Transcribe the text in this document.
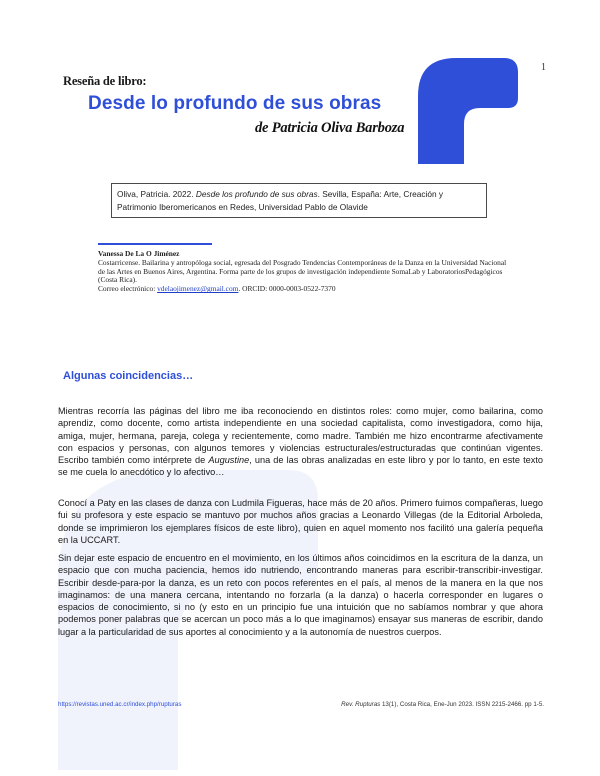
1
Reseña de libro:
Desde lo profundo de sus obras
de Patricia Oliva Barboza
Oliva, Patricia. 2022. Desde los profundo de sus obras. Sevilla, España: Arte, Creación y Patrimonio Iberomericanos en Redes, Universidad Pablo de Olavide
Vanessa De La O Jiménez
Costarricense. Bailarina y antropóloga social, egresada del Posgrado Tendencias Contemporáneas de la Danza en la Universidad Nacional de las Artes en Buenos Aires, Argentina. Forma parte de los grupos de investigación independiente SomaLab y LaboratoriosPedagógicos (Costa Rica).
Correo electrónico: vdelaojimenez@gmail.com. ORCID: 0000-0003-0522-7370
Algunas coincidencias…
Mientras recorría las páginas del libro me iba reconociendo en distintos roles: como mujer, como bailarina, como aprendiz, como docente, como artista independiente en una sociedad capitalista, como investigadora, como hija, amiga, mujer, hermana, pareja, colega y recientemente, como madre. También me hizo encontrarme afectivamente con espacios y personas, con algunos temores y violencias estructurales/estructuradas que continúan vigentes. Escribo también como intérprete de Augustine, una de las obras analizadas en este libro y por lo tanto, en este texto se me cuela lo anecdótico y lo afectivo…
Conocí a Paty en las clases de danza con Ludmila Figueras, hace más de 20 años. Primero fuimos compañeras, luego fui su profesora y este espacio se mantuvo por muchos años gracias a Leonardo Villegas (de la Editorial Arboleda, donde se imprimieron los ejemplares físicos de este libro), quien en aquel momento nos facilitó una galería pequeña en la UCCART.
Sin dejar este espacio de encuentro en el movimiento, en los últimos años coincidimos en la escritura de la danza, un espacio que con mucha paciencia, hemos ido nutriendo, encontrando maneras para escribir-transcribir-investigar. Escribir desde-para-por la danza, es un reto con pocos referentes en el país, al menos de la manera en la que nos imaginamos: de una manera cercana, intentando no forzarla (a la danza) o hacerla corresponder en lugares o espacios de conocimiento, si no (y esto en un principio fue una intuición que no sabíamos nombrar y que ahora podemos poner palabras que se acercan un poco más a lo que imaginamos) ensayar sus maneras de escribir, dando lugar a la particularidad de sus aportes al conocimiento y a la autonomía de nuestros cuerpos.
https://revistas.uned.ac.cr/index.php/rupturas	Rev. Rupturas 13(1), Costa Rica, Ene-Jun 2023. ISSN 2215-2466. pp 1-5.
